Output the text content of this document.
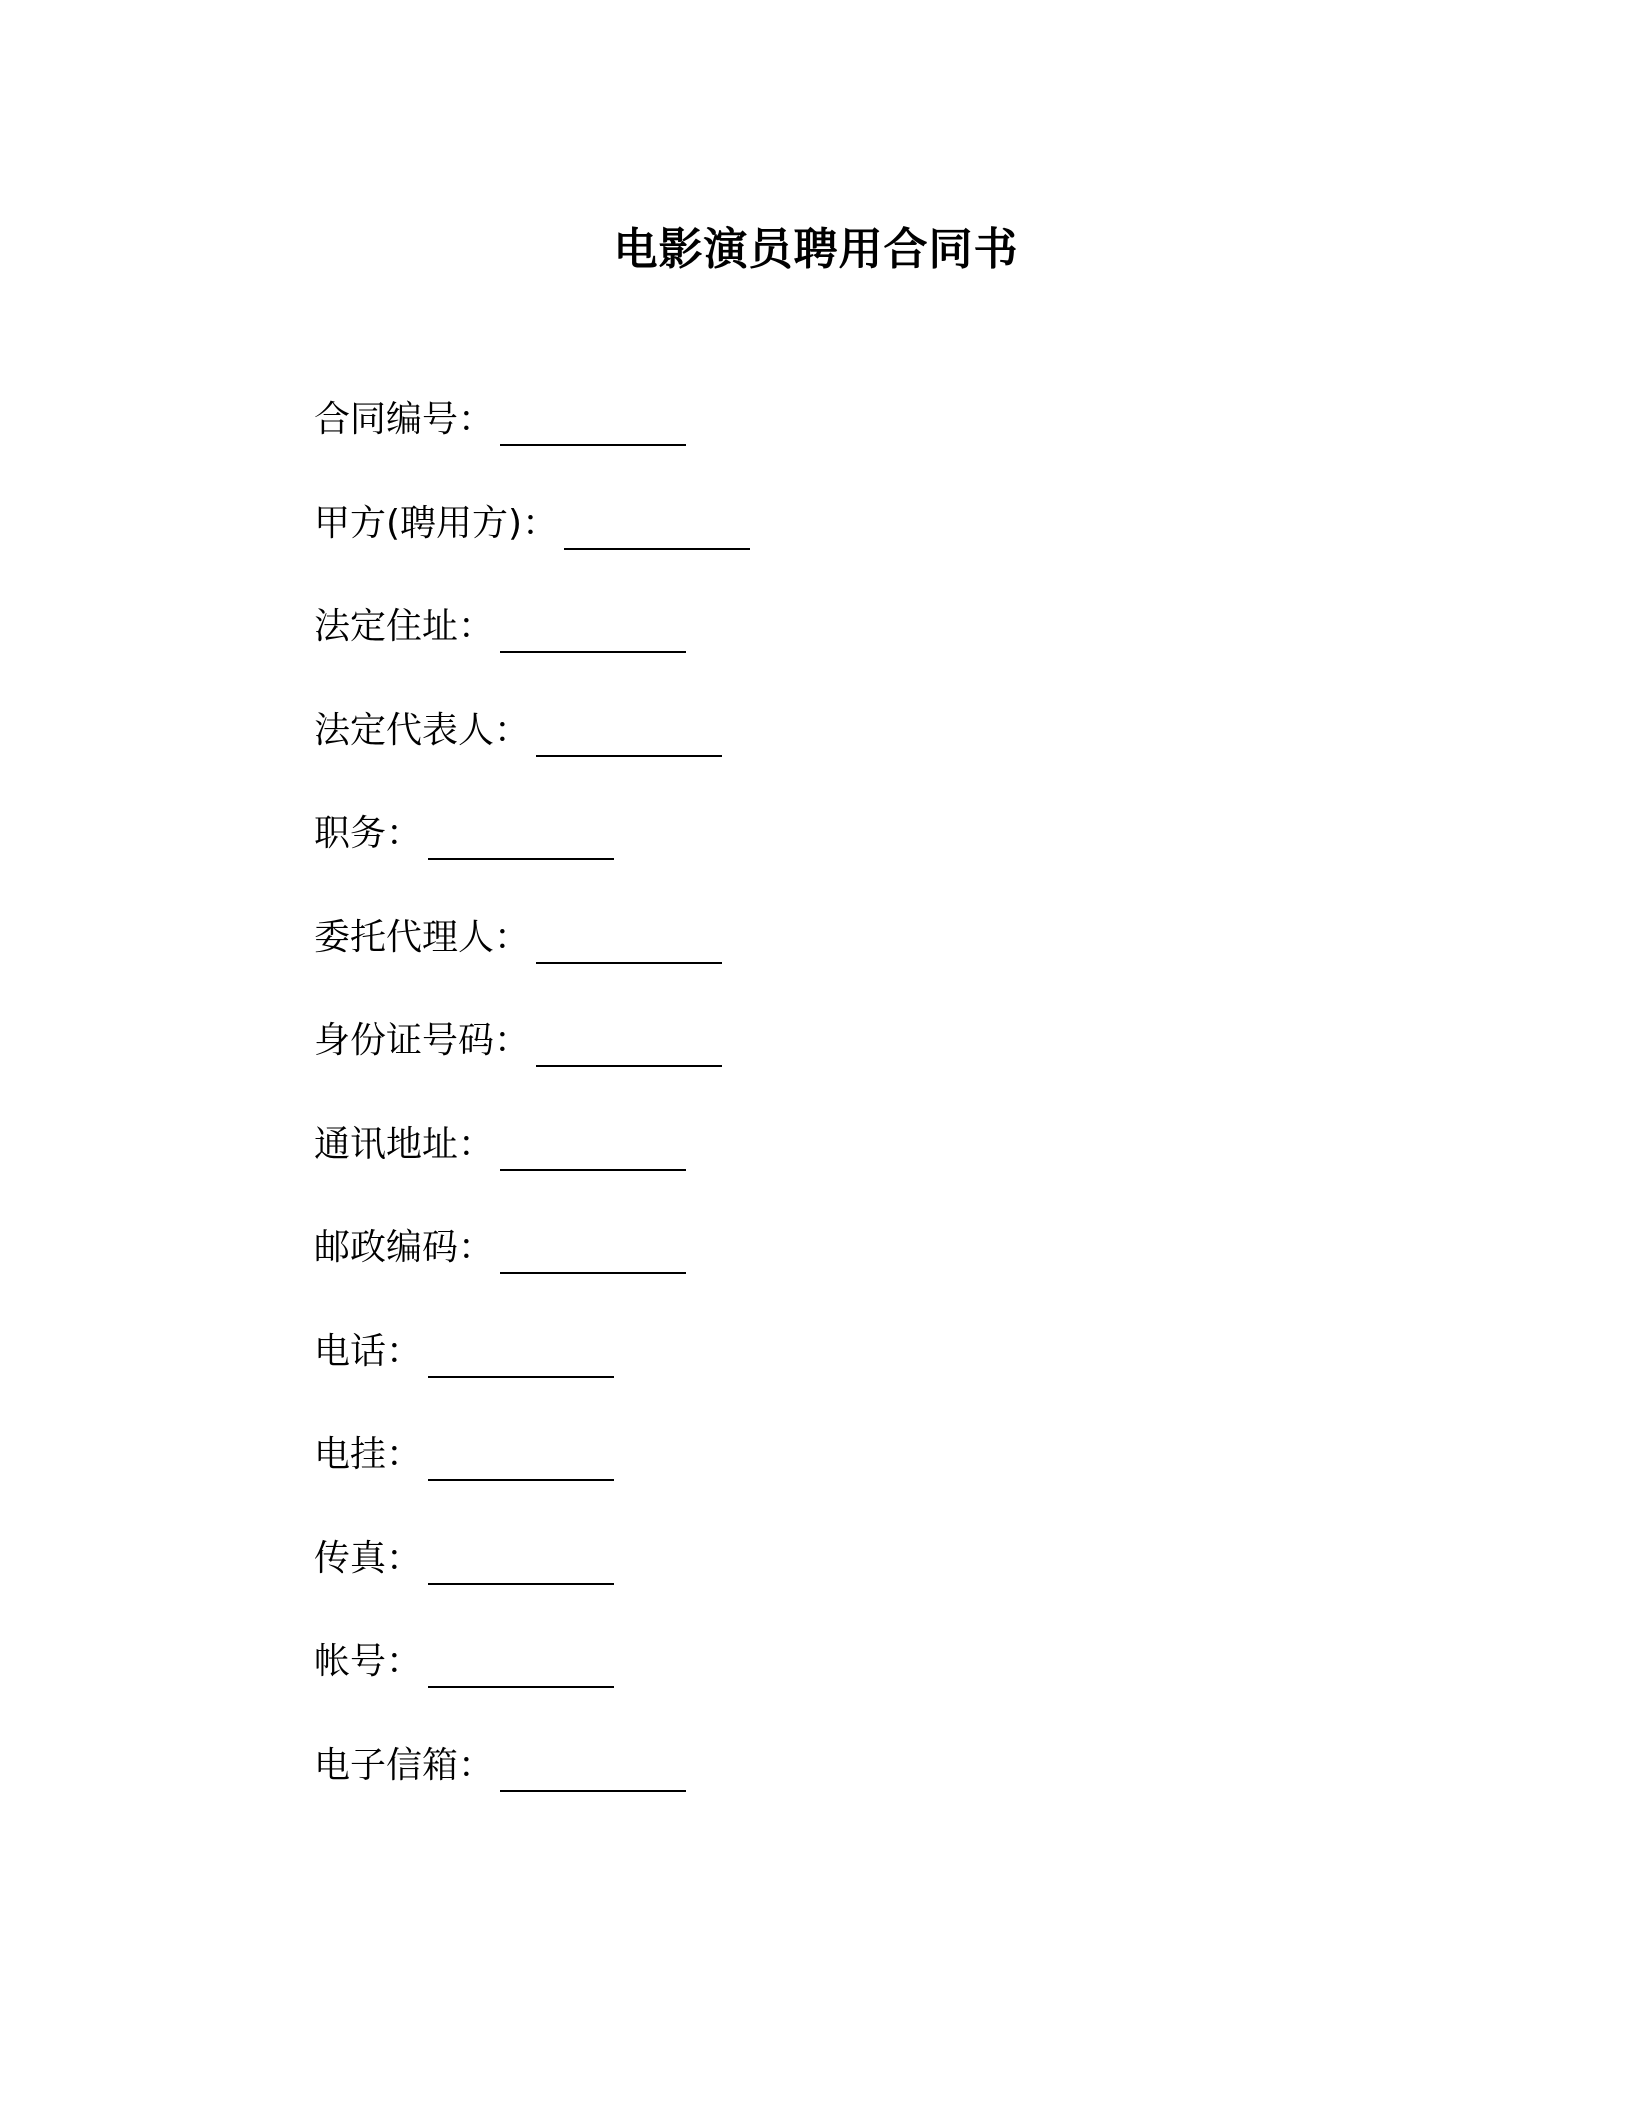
电影演员聘用合同书
合同编号：
甲方(聘用方)：
法定住址：
法定代表人：
职务：
委托代理人：
身份证号码：
通讯地址：
邮政编码：
电话：
电挂：
传真：
帐号：
电子信箱：
